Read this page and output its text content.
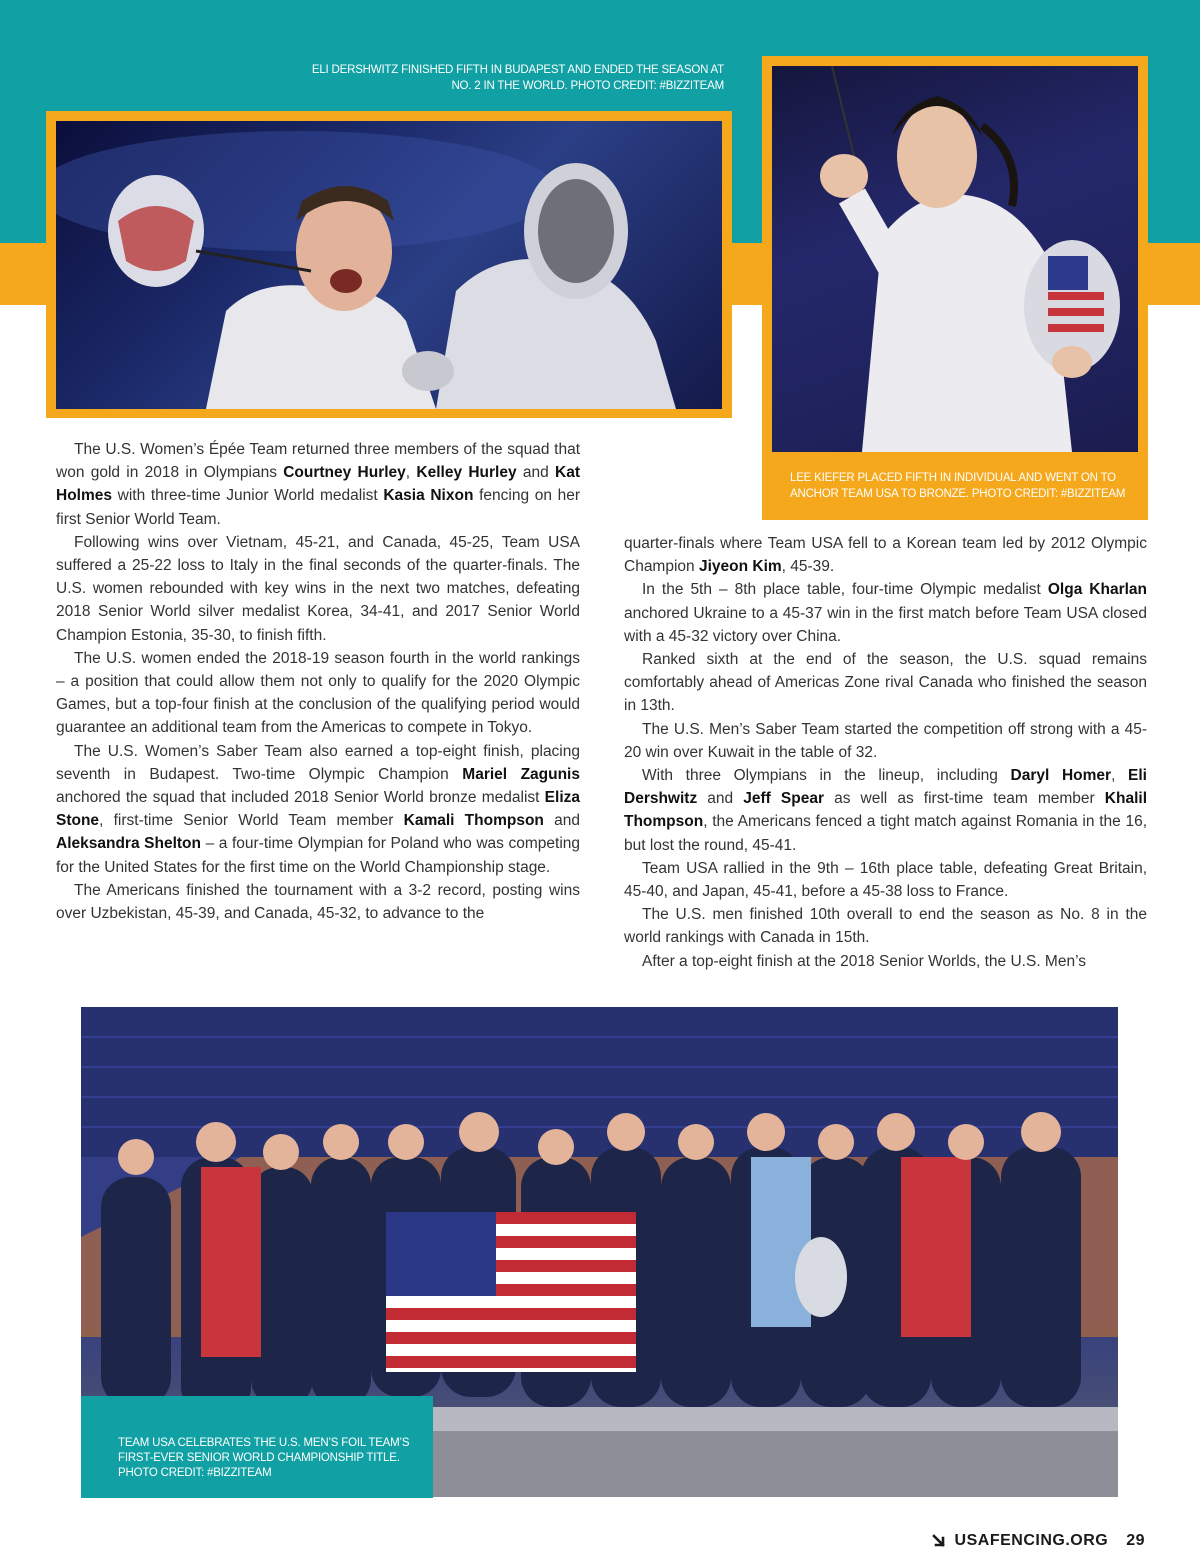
ELI DERSHWITZ FINISHED FIFTH IN BUDAPEST AND ENDED THE SEASON AT NO. 2 IN THE WORLD. PHOTO CREDIT: #BIZZITEAM
LEE KIEFER PLACED FIFTH IN INDIVIDUAL AND WENT ON TO ANCHOR TEAM USA TO BRONZE. PHOTO CREDIT: #BIZZITEAM

The U.S. Women’s Épée Team returned three members of the squad that won gold in 2018 in Olympians Courtney Hurley, Kelley Hurley and Kat Holmes with three-time Junior World medalist Kasia Nixon fencing on her first Senior World Team.

Following wins over Vietnam, 45-21, and Canada, 45-25, Team USA suffered a 25-22 loss to Italy in the final seconds of the quarter-finals. The U.S. women rebounded with key wins in the next two matches, defeating 2018 Senior World silver medalist Korea, 34-41, and 2017 Senior World Champion Estonia, 35-30, to finish fifth.

The U.S. women ended the 2018-19 season fourth in the world rankings – a position that could allow them not only to qualify for the 2020 Olympic Games, but a top-four finish at the conclusion of the qualifying period would guarantee an additional team from the Americas to compete in Tokyo.

The U.S. Women’s Saber Team also earned a top-eight finish, placing seventh in Budapest. Two-time Olympic Champion Mariel Zagunis anchored the squad that included 2018 Senior World bronze medalist Eliza Stone, first-time Senior World Team member Kamali Thompson and Aleksandra Shelton – a four-time Olympian for Poland who was competing for the United States for the first time on the World Championship stage.

The Americans finished the tournament with a 3-2 record, posting wins over Uzbekistan, 45-39, and Canada, 45-32, to advance to the

quarter-finals where Team USA fell to a Korean team led by 2012 Olympic Champion Jiyeon Kim, 45-39.

In the 5th – 8th place table, four-time Olympic medalist Olga Kharlan anchored Ukraine to a 45-37 win in the first match before Team USA closed with a 45-32 victory over China.

Ranked sixth at the end of the season, the U.S. squad remains comfortably ahead of Americas Zone rival Canada who finished the season in 13th.

The U.S. Men’s Saber Team started the competition off strong with a 45-20 win over Kuwait in the table of 32.

With three Olympians in the lineup, including Daryl Homer, Eli Dershwitz and Jeff Spear as well as first-time team member Khalil Thompson, the Americans fenced a tight match against Romania in the 16, but lost the round, 45-41.

Team USA rallied in the 9th – 16th place table, defeating Great Britain, 45-40, and Japan, 45-41, before a 45-38 loss to France.

The U.S. men finished 10th overall to end the season as No. 8 in the world rankings with Canada in 15th.

After a top-eight finish at the 2018 Senior Worlds, the U.S. Men’s

TEAM USA CELEBRATES THE U.S. MEN’S FOIL TEAM’S FIRST-EVER SENIOR WORLD CHAMPIONSHIP TITLE. PHOTO CREDIT: #BIZZITEAM
USAFENCING.ORG 29
